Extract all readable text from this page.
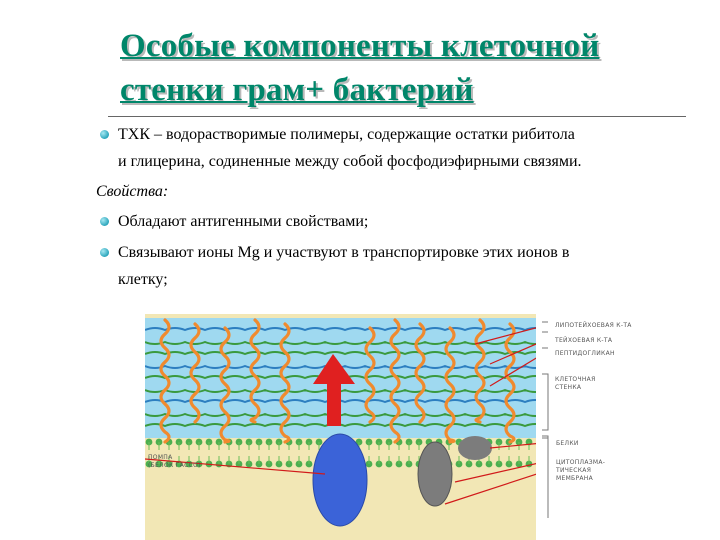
Особые компоненты клеточной
стенки грам+ бактерий
ТХК – водорастворимые полимеры, содержащие остатки рибитола
и глицерина, содиненные между собой фосфодиэфирными связями.
Свойства:
Обладают антигенными свойствами;
Связывают ионы Mg и участвуют в транспортировке этих ионов в
клетку;
ЛИПОТЕЙХОЕВАЯ К-ТА
ТЕЙХОЕВАЯ К-ТА
ПЕПТИДОГЛИКАН
КЛЕТОЧНАЯ
СТЕНКА
БЕЛКИ
ЦИТОПЛАЗМА-
ТИЧЕСКАЯ
МЕМБРАНА
ПОМПА
(БЕЛОК ГАССО)
